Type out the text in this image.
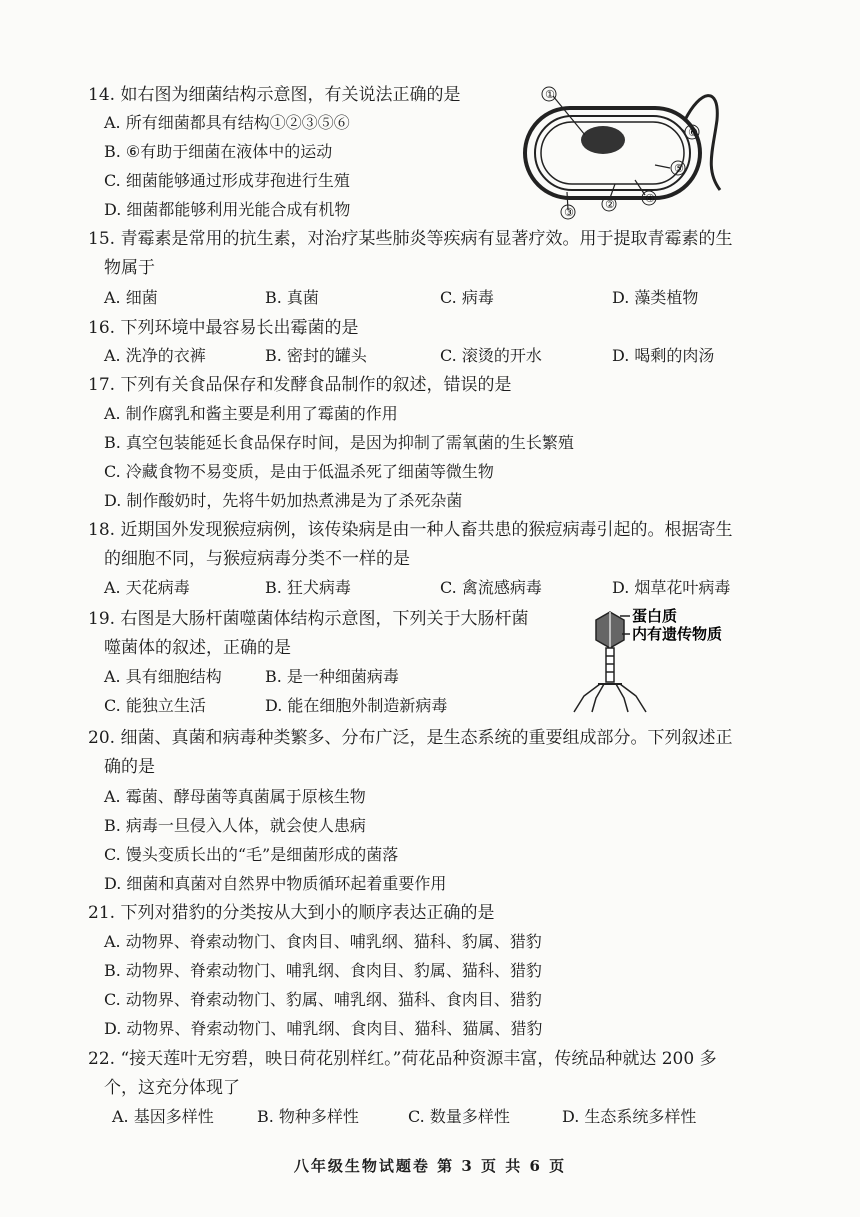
14. 如右图为细菌结构示意图，有关说法正确的是
A. 所有细菌都具有结构①②③⑤⑥
B. ⑥有助于细菌在液体中的运动
C. 细菌能够通过形成芽孢进行生殖
D. 细菌都能够利用光能合成有机物
①
⑥
⑤
④
②
③
15. 青霉素是常用的抗生素，对治疗某些肺炎等疾病有显著疗效。用于提取青霉素的生
物属于
A. 细菌	B. 真菌	C. 病毒	D. 藻类植物
16. 下列环境中最容易长出霉菌的是
A. 洗净的衣裤	B. 密封的罐头	C. 滚烫的开水	D. 喝剩的肉汤
17. 下列有关食品保存和发酵食品制作的叙述，错误的是
A. 制作腐乳和酱主要是利用了霉菌的作用
B. 真空包装能延长食品保存时间，是因为抑制了需氧菌的生长繁殖
C. 冷藏食物不易变质，是由于低温杀死了细菌等微生物
D. 制作酸奶时，先将牛奶加热煮沸是为了杀死杂菌
18. 近期国外发现猴痘病例，该传染病是由一种人畜共患的猴痘病毒引起的。根据寄生
的细胞不同，与猴痘病毒分类不一样的是
A. 天花病毒	B. 狂犬病毒	C. 禽流感病毒	D. 烟草花叶病毒
19. 右图是大肠杆菌噬菌体结构示意图，下列关于大肠杆菌
噬菌体的叙述，正确的是
A. 具有细胞结构	B. 是一种细菌病毒
C. 能独立生活	D. 能在细胞外制造新病毒
蛋白质
内有遗传物质
20. 细菌、真菌和病毒种类繁多、分布广泛，是生态系统的重要组成部分。下列叙述正
确的是
A. 霉菌、酵母菌等真菌属于原核生物
B. 病毒一旦侵入人体，就会使人患病
C. 馒头变质长出的“毛”是细菌形成的菌落
D. 细菌和真菌对自然界中物质循环起着重要作用
21. 下列对猎豹的分类按从大到小的顺序表达正确的是
A. 动物界、脊索动物门、食肉目、哺乳纲、猫科、豹属、猎豹
B. 动物界、脊索动物门、哺乳纲、食肉目、豹属、猫科、猎豹
C. 动物界、脊索动物门、豹属、哺乳纲、猫科、食肉目、猎豹
D. 动物界、脊索动物门、哺乳纲、食肉目、猫科、猫属、猎豹
22. “接天莲叶无穷碧，映日荷花别样红。”荷花品种资源丰富，传统品种就达 200 多
个，这充分体现了
A. 基因多样性	B. 物种多样性	C. 数量多样性	D. 生态系统多样性
八年级生物试题卷 第 3 页 共 6 页
